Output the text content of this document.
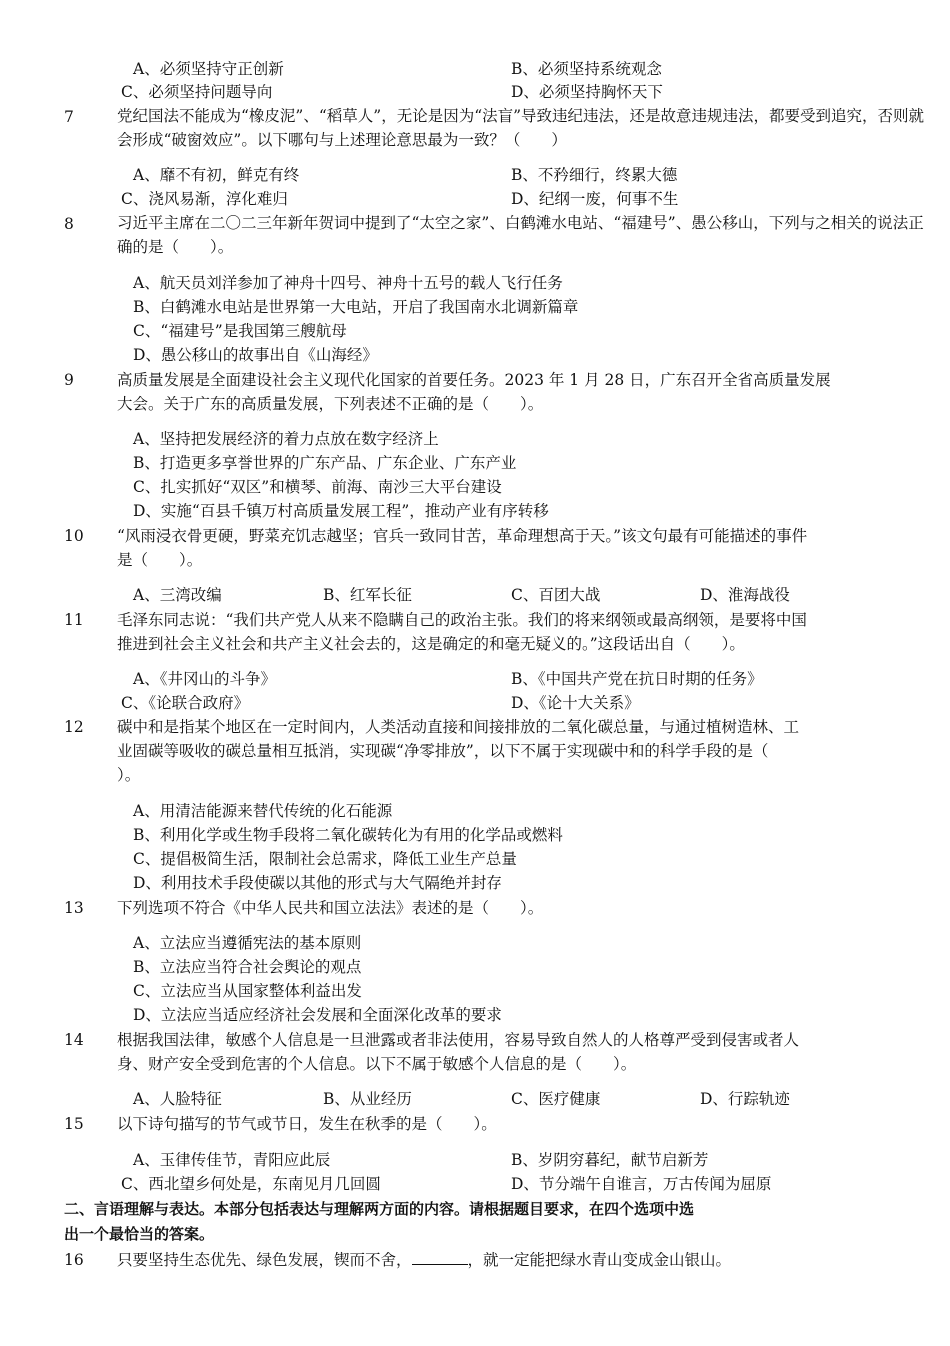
A、必须坚持守正创新	B、必须坚持系统观念
C、必须坚持问题导向	D、必须坚持胸怀天下
7	党纪国法不能成为“橡皮泥”、“稻草人”，无论是因为“法盲”导致违纪违法，还是故意违规违法，都要受到追究，否则就会形成“破窗效应”。以下哪句与上述理论意思最为一致？（　　）
A、靡不有初，鲜克有终	B、不矜细行，终累大德
C、浇风易渐，淳化难归	D、纪纲一废，何事不生
8	习近平主席在二〇二三年新年贺词中提到了“太空之家”、白鹤滩水电站、“福建号”、愚公移山，下列与之相关的说法正确的是（　　）。
A、航天员刘洋参加了神舟十四号、神舟十五号的载人飞行任务
B、白鹤滩水电站是世界第一大电站，开启了我国南水北调新篇章
C、“福建号”是我国第三艘航母
D、愚公移山的故事出自《山海经》
9	高质量发展是全面建设社会主义现代化国家的首要任务。2023 年 1 月 28 日，广东召开全省高质量发展
大会。关于广东的高质量发展，下列表述不正确的是（　　）。
A、坚持把发展经济的着力点放在数字经济上
B、打造更多享誉世界的广东产品、广东企业、广东产业
C、扎实抓好“双区”和横琴、前海、南沙三大平台建设
D、实施“百县千镇万村高质量发展工程”，推动产业有序转移
10	“风雨浸衣骨更硬，野菜充饥志越坚；官兵一致同甘苦，革命理想高于天。”该文句最有可能描述的事件
是（　　）。
A、三湾改编	B、红军长征	C、百团大战	D、淮海战役
11	毛泽东同志说：“我们共产党人从来不隐瞒自己的政治主张。我们的将来纲领或最高纲领，是要将中国
推进到社会主义社会和共产主义社会去的，这是确定的和毫无疑义的。”这段话出自（　　）。
A、《井冈山的斗争》	B、《中国共产党在抗日时期的任务》
C、《论联合政府》	D、《论十大关系》
12	碳中和是指某个地区在一定时间内，人类活动直接和间接排放的二氧化碳总量，与通过植树造林、工
业固碳等吸收的碳总量相互抵消，实现碳“净零排放”，以下不属于实现碳中和的科学手段的是（
）。
A、用清洁能源来替代传统的化石能源
B、利用化学或生物手段将二氧化碳转化为有用的化学品或燃料
C、提倡极简生活，限制社会总需求，降低工业生产总量
D、利用技术手段使碳以其他的形式与大气隔绝并封存
13	下列选项不符合《中华人民共和国立法法》表述的是（　　）。
A、立法应当遵循宪法的基本原则
B、立法应当符合社会舆论的观点
C、立法应当从国家整体利益出发
D、立法应当适应经济社会发展和全面深化改革的要求
14	根据我国法律，敏感个人信息是一旦泄露或者非法使用，容易导致自然人的人格尊严受到侵害或者人
身、财产安全受到危害的个人信息。以下不属于敏感个人信息的是（　　）。
A、人脸特征	B、从业经历	C、医疗健康	D、行踪轨迹
15	以下诗句描写的节气或节日，发生在秋季的是（　　）。
A、玉律传佳节，青阳应此辰	B、岁阴穷暮纪，献节启新芳
C、西北望乡何处是，东南见月几回圆	D、节分端午自谁言，万古传闻为屈原
二、言语理解与表达。本部分包括表达与理解两方面的内容。请根据题目要求，在四个选项中选
出一个最恰当的答案。
16	只要坚持生态优先、绿色发展，锲而不舍，	，就一定能把绿水青山变成金山银山。
